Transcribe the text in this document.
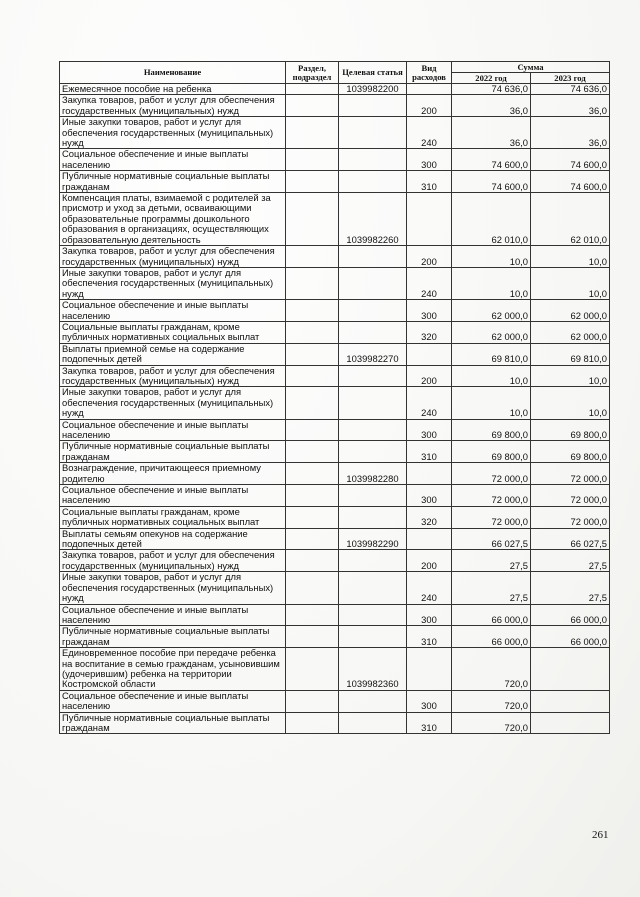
Наименование	Раздел, подраздел	Целевая статья	Вид расходов	Сумма	
				2022 год	2023 год
Ежемесячное пособие на ребенка		1039982200		74 636,0	74 636,0
Закупка товаров, работ и услуг для обеспечения государственных (муниципальных) нужд			200	36,0	36,0
Иные закупки товаров, работ и услуг для обеспечения государственных (муниципальных) нужд			240	36,0	36,0
Социальное обеспечение и иные выплаты населению			300	74 600,0	74 600,0
Публичные нормативные социальные выплаты гражданам			310	74 600,0	74 600,0
Компенсация платы, взимаемой с родителей за присмотр и уход за детьми, осваивающими образовательные программы дошкольного образования в организациях, осуществляющих образовательную деятельность		1039982260		62 010,0	62 010,0
Закупка товаров, работ и услуг для обеспечения государственных (муниципальных) нужд			200	10,0	10,0
Иные закупки товаров, работ и услуг для обеспечения государственных (муниципальных) нужд			240	10,0	10,0
Социальное обеспечение и иные выплаты населению			300	62 000,0	62 000,0
Социальные выплаты гражданам, кроме публичных нормативных социальных выплат			320	62 000,0	62 000,0
Выплаты приемной семье на содержание подопечных детей		1039982270		69 810,0	69 810,0
Закупка товаров, работ и услуг для обеспечения государственных (муниципальных) нужд			200	10,0	10,0
Иные закупки товаров, работ и услуг для обеспечения государственных (муниципальных) нужд			240	10,0	10,0
Социальное обеспечение и иные выплаты населению			300	69 800,0	69 800,0
Публичные нормативные социальные выплаты гражданам			310	69 800,0	69 800,0
Вознаграждение, причитающееся приемному родителю		1039982280		72 000,0	72 000,0
Социальное обеспечение и иные выплаты населению			300	72 000,0	72 000,0
Социальные выплаты гражданам, кроме публичных нормативных социальных выплат			320	72 000,0	72 000,0
Выплаты семьям опекунов на содержание подопечных детей		1039982290		66 027,5	66 027,5
Закупка товаров, работ и услуг для обеспечения государственных (муниципальных) нужд			200	27,5	27,5
Иные закупки товаров, работ и услуг для обеспечения государственных (муниципальных) нужд			240	27,5	27,5
Социальное обеспечение и иные выплаты населению			300	66 000,0	66 000,0
Публичные нормативные социальные выплаты гражданам			310	66 000,0	66 000,0
Единовременное пособие при передаче ребенка на воспитание в семью гражданам, усыновившим (удочерившим) ребенка на территории Костромской области		1039982360		720,0	
Социальное обеспечение и иные выплаты населению			300	720,0	
Публичные нормативные социальные выплаты гражданам			310	720,0	
261
